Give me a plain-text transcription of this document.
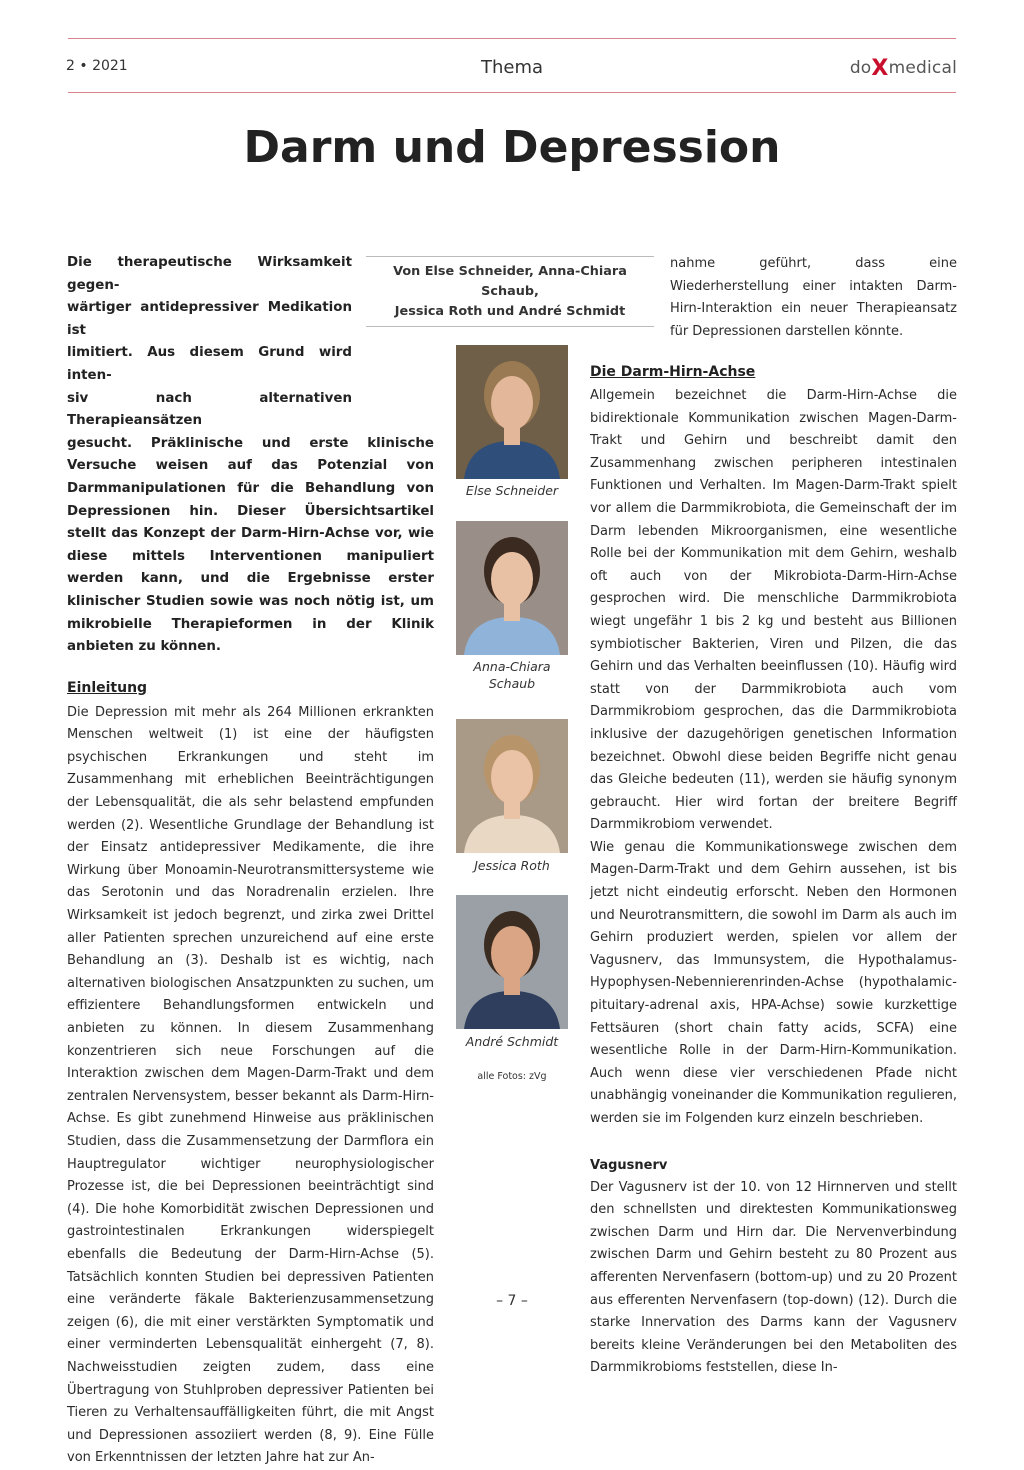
2 • 2021	Thema	doXmedical
Darm und Depression
Von Else Schneider, Anna-Chiara Schaub,
Jessica Roth und André Schmidt
Die therapeutische Wirksamkeit gegen-
wärtiger antidepressiver Medikation ist
limitiert. Aus diesem Grund wird inten-
siv nach alternativen Therapieansätzen
gesucht. Präklinische und erste klinische Versuche weisen auf das Potenzial von Darmmanipulationen für die Behandlung von Depressionen hin. Dieser Übersichtsartikel stellt das Konzept der Darm-Hirn-Achse vor, wie diese mittels Interventionen manipuliert werden kann, und die Ergebnisse erster klinischer Studien sowie was noch nötig ist, um mikrobielle Therapieformen in der Klinik anbieten zu können.

Einleitung

Die Depression mit mehr als 264 Millionen erkrankten Menschen weltweit (1) ist eine der häufigsten psychischen Erkrankungen und steht im Zusammenhang mit erheblichen Beeinträchtigungen der Lebensqualität, die als sehr belastend empfunden werden (2). Wesentliche Grundlage der Behandlung ist der Einsatz antidepressiver Medikamente, die ihre Wirkung über Monoamin-Neurotransmittersysteme wie das Serotonin und das Noradrenalin erzielen. Ihre Wirksamkeit ist jedoch begrenzt, und zirka zwei Drittel aller Patienten sprechen unzureichend auf eine erste Behandlung an (3). Deshalb ist es wichtig, nach alternativen biologischen Ansatzpunkten zu suchen, um effizientere Behandlungsformen entwickeln und anbieten zu können. In diesem Zusammenhang konzentrieren sich neue Forschungen auf die Interaktion zwischen dem Magen-Darm-Trakt und dem zentralen Nervensystem, besser bekannt als Darm-Hirn-Achse. Es gibt zunehmend Hinweise aus präklinischen Studien, dass die Zusammensetzung der Darmflora ein Hauptregulator wichtiger neurophysiologischer Prozesse ist, die bei Depressionen beeinträchtigt sind (4). Die hohe Komorbidität zwischen Depressionen und gastrointestinalen Erkrankungen widerspiegelt ebenfalls die Bedeutung der Darm-Hirn-Achse (5). Tatsächlich konnten Studien bei depressiven Patienten eine veränderte fäkale Bakterienzusammensetzung zeigen (6), die mit einer verstärkten Symptomatik und einer verminderten Lebensqualität einhergeht (7, 8). Nachweisstudien zeigten zudem, dass eine Übertragung von Stuhlproben depressiver Patienten bei Tieren zu Verhaltensauffälligkeiten führt, die mit Angst und Depressionen assoziiert werden (8, 9). Eine Fülle von Erkenntnissen der letzten Jahre hat zur An-

Else Schneider
Anna-Chiara Schaub
Jessica Roth
André Schmidt
alle Fotos: zVg

nahme geführt, dass eine Wiederherstellung einer intakten Darm-Hirn-Interaktion ein neuer Therapieansatz für Depressionen darstellen könnte.

Die Darm-Hirn-Achse

Allgemein bezeichnet die Darm-Hirn-Achse die bidirektionale Kommunikation zwischen Magen-Darm-Trakt und Gehirn und beschreibt damit den Zusammenhang zwischen peripheren intestinalen Funktionen und Verhalten. Im Magen-Darm-Trakt spielt vor allem die Darmmikrobiota, die Gemeinschaft der im Darm lebenden Mikroorganismen, eine wesentliche Rolle bei der Kommunikation mit dem Gehirn, weshalb oft auch von der Mikrobiota-Darm-Hirn-Achse gesprochen wird. Die menschliche Darmmikrobiota wiegt ungefähr 1 bis 2 kg und besteht aus Billionen symbiotischer Bakterien, Viren und Pilzen, die das Gehirn und das Verhalten beeinflussen (10). Häufig wird statt von der Darmmikrobiota auch vom Darmmikrobiom gesprochen, das die Darmmikrobiota inklusive der dazugehörigen genetischen Information bezeichnet. Obwohl diese beiden Begriffe nicht genau das Gleiche bedeuten (11), werden sie häufig synonym gebraucht. Hier wird fortan der breitere Begriff Darmmikrobiom verwendet.

Wie genau die Kommunikationswege zwischen dem Magen-Darm-Trakt und dem Gehirn aussehen, ist bis jetzt nicht eindeutig erforscht. Neben den Hormonen und Neurotransmittern, die sowohl im Darm als auch im Gehirn produziert werden, spielen vor allem der Vagusnerv, das Immunsystem, die Hypothalamus-Hypophysen-Nebennierenrinden-Achse (hypothalamic-pituitary-adrenal axis, HPA-Achse) sowie kurzkettige Fettsäuren (short chain fatty acids, SCFA) eine wesentliche Rolle in der Darm-Hirn-Kommunikation. Auch wenn diese vier verschiedenen Pfade nicht unabhängig voneinander die Kommunikation regulieren, werden sie im Folgenden kurz einzeln beschrieben.

Vagusnerv

Der Vagusnerv ist der 10. von 12 Hirnnerven und stellt den schnellsten und direktesten Kommunikationsweg zwischen Darm und Hirn dar. Die Nervenverbindung zwischen Darm und Gehirn besteht zu 80 Prozent aus afferenten Nervenfasern (bottom-up) und zu 20 Prozent aus efferenten Nervenfasern (top-down) (12). Durch die starke Innervation des Darms kann der Vagusnerv bereits kleine Veränderungen bei den Metaboliten des Darmmikrobioms feststellen, diese In-

– 7 –
